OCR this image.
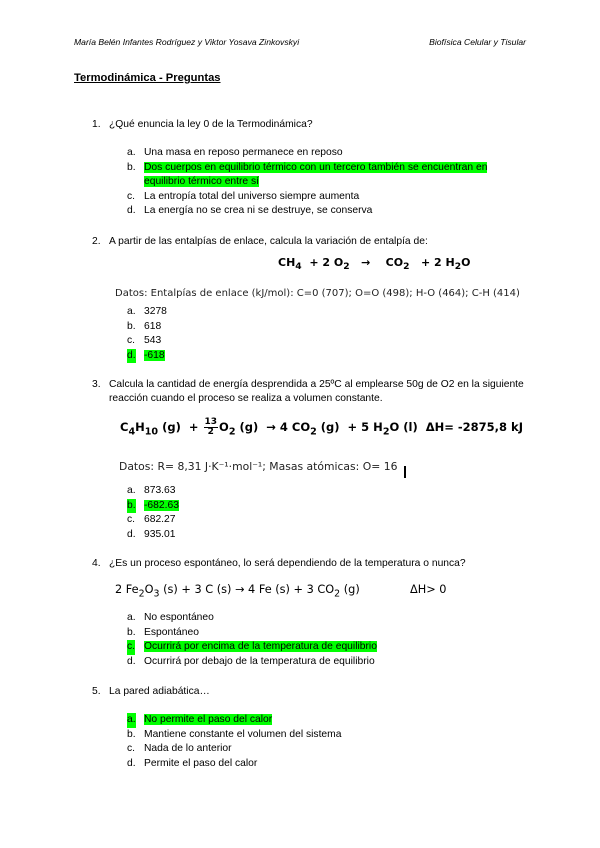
María Belén Infantes Rodríguez y Viktor Yosava Zinkovskyi	Biofísica Celular y Tisular
Termodinámica - Preguntas
1. ¿Qué enuncia la ley 0 de la Termodinámica?
a. Una masa en reposo permanece en reposo
b. Dos cuerpos en equilibrio térmico con un tercero también se encuentran en equilibrio térmico entre sí
c. La entropía total del universo siempre aumenta
d. La energía no se crea ni se destruye, se conserva
2. A partir de las entalpías de enlace, calcula la variación de entalpía de:
$CH_4 + 2$ $O_2 \to CO_2 + 2$ $H_2O$
Datos: Entalpías de enlace (kJ/mol): C=0 (707); O=O (498); H-O (464); C-H (414)
a. 3278
b. 618
c. 543
d. -618
3. Calcula la cantidad de energía desprendida a 25ºC al emplearse 50g de O2 en la siguiente reacción cuando el proceso se realiza a volumen constante.
$C_4H_{10}$ $(g) + \frac{13}{2} O_2$ (g)  → 4 $CO_2$ (g)  + 5 $H_2O$ (l)  ΔH= -2875,8 kJ
Datos: R= 8,31 J·K⁻¹·mol⁻¹; Masas atómicas: O= 16
a. 873.63
b. -682.63
c. 682.27
d. 935.01
4. ¿Es un proceso espontáneo, lo será dependiendo de la temperatura o nunca?
2 $Fe_2O_3$ (s) + 3 C (s) → 4 Fe (s) + 3 $CO_2$ (g)	ΔH> 0
a. No espontáneo
b. Espontáneo
c. Ocurrirá por encima de la temperatura de equilibrio
d. Ocurrirá por debajo de la temperatura de equilibrio
5. La pared adiabática…
a. No permite el paso del calor
b. Mantiene constante el volumen del sistema
c. Nada de lo anterior
d. Permite el paso del calor
